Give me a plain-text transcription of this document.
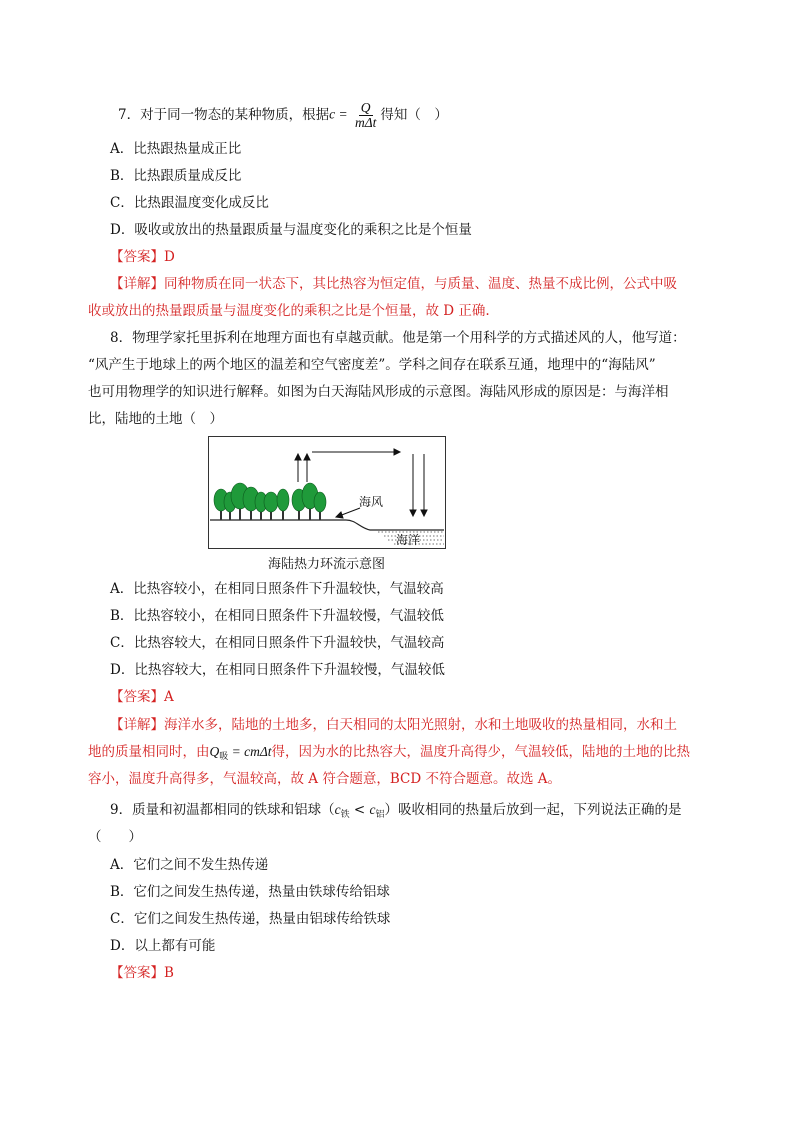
7．对于同一物态的某种物质，根据$c = \frac{Q}{\text{mΔt}}$ 得知（　）
A．比热跟热量成正比
B．比热跟质量成反比
C．比热跟温度变化成反比
D．吸收或放出的热量跟质量与温度变化的乘积之比是个恒量
【答案】D
【详解】同种物质在同一状态下，其比热容为恒定值，与质量、温度、热量不成比例，公式中吸
收或放出的热量跟质量与温度变化的乘积之比是个恒量，故 D 正确.
8．物理学家托里拆利在地理方面也有卓越贡献。他是第一个用科学的方式描述风的人，他写道：
“风产生于地球上的两个地区的温差和空气密度差”。学科之间存在联系互通，地理中的“海陆风”
也可用物理学的知识进行解释。如图为白天海陆风形成的示意图。海陆风形成的原因是：与海洋相
比，陆地的土地（　）
海风
海洋
海陆热力环流示意图
A．比热容较小，在相同日照条件下升温较快，气温较高
B．比热容较小，在相同日照条件下升温较慢，气温较低
C．比热容较大，在相同日照条件下升温较快，气温较高
D．比热容较大，在相同日照条件下升温较慢，气温较低
【答案】A
【详解】海洋水多，陆地的土地多，白天相同的太阳光照射，水和土地吸收的热量相同，水和土
地的质量相同时，由$Q_吸 = cm\Delta t$得，因为水的比热容大，温度升高得少，气温较低，陆地的土地的比热
容小，温度升高得多，气温较高，故 A 符合题意，BCD 不符合题意。故选 A。
9．质量和初温都相同的铁球和铝球$(c_铁 < c_铝)$吸收相同的热量后放到一起，下列说法正确的是
（　　）
A．它们之间不发生热传递
B．它们之间发生热传递，热量由铁球传给铝球
C．它们之间发生热传递，热量由铝球传给铁球
D．以上都有可能
【答案】B
